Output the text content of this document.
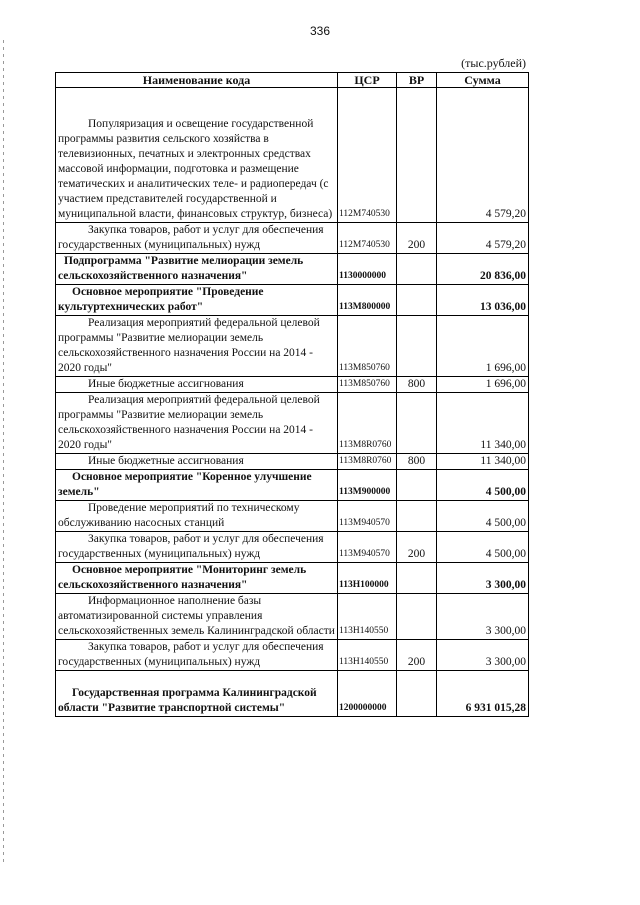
336
(тыс.рублей)
Наименование кода	ЦСР	ВР	Сумма

Популяризация и освещение государственной программы развития сельского хозяйства в телевизионных, печатных и электронных средствах массовой информации, подготовка и размещение тематических и аналитических теле- и радиопередач (с участием представителей государственной и муниципальной власти, финансовых структур, бизнеса)	112M740530		4 579,20

Закупка товаров, работ и услуг для обеспечения государственных (муниципальных) нужд	112M740530	200	4 579,20

Подпрограмма "Развитие мелиорации земель сельскохозяйственного назначения"	1130000000		20 836,00

Основное мероприятие "Проведение культуртехнических работ"	113M800000		13 036,00

Реализация мероприятий федеральной целевой программы "Развитие мелиорации земель сельскохозяйственного назначения России на 2014 - 2020 годы"	113M850760		1 696,00

Иные бюджетные ассигнования	113M850760	800	1 696,00

Реализация мероприятий федеральной целевой программы "Развитие мелиорации земель сельскохозяйственного назначения России на 2014 - 2020 годы"	113M8R0760		11 340,00

Иные бюджетные ассигнования	113M8R0760	800	11 340,00

Основное мероприятие "Коренное улучшение земель"	113M900000		4 500,00

Проведение мероприятий по техническому обслуживанию насосных станций	113M940570		4 500,00

Закупка товаров, работ и услуг для обеспечения государственных (муниципальных) нужд	113M940570	200	4 500,00

Основное мероприятие "Мониторинг земель сельскохозяйственного назначения"	113H100000		3 300,00

Информационное наполнение базы автоматизированной системы управления сельскохозяйственных земель Калининградской области	113H140550		3 300,00

Закупка товаров, работ и услуг для обеспечения государственных (муниципальных) нужд	113H140550	200	3 300,00

Государственная программа Калининградской области "Развитие транспортной системы"	1200000000		6 931 015,28
